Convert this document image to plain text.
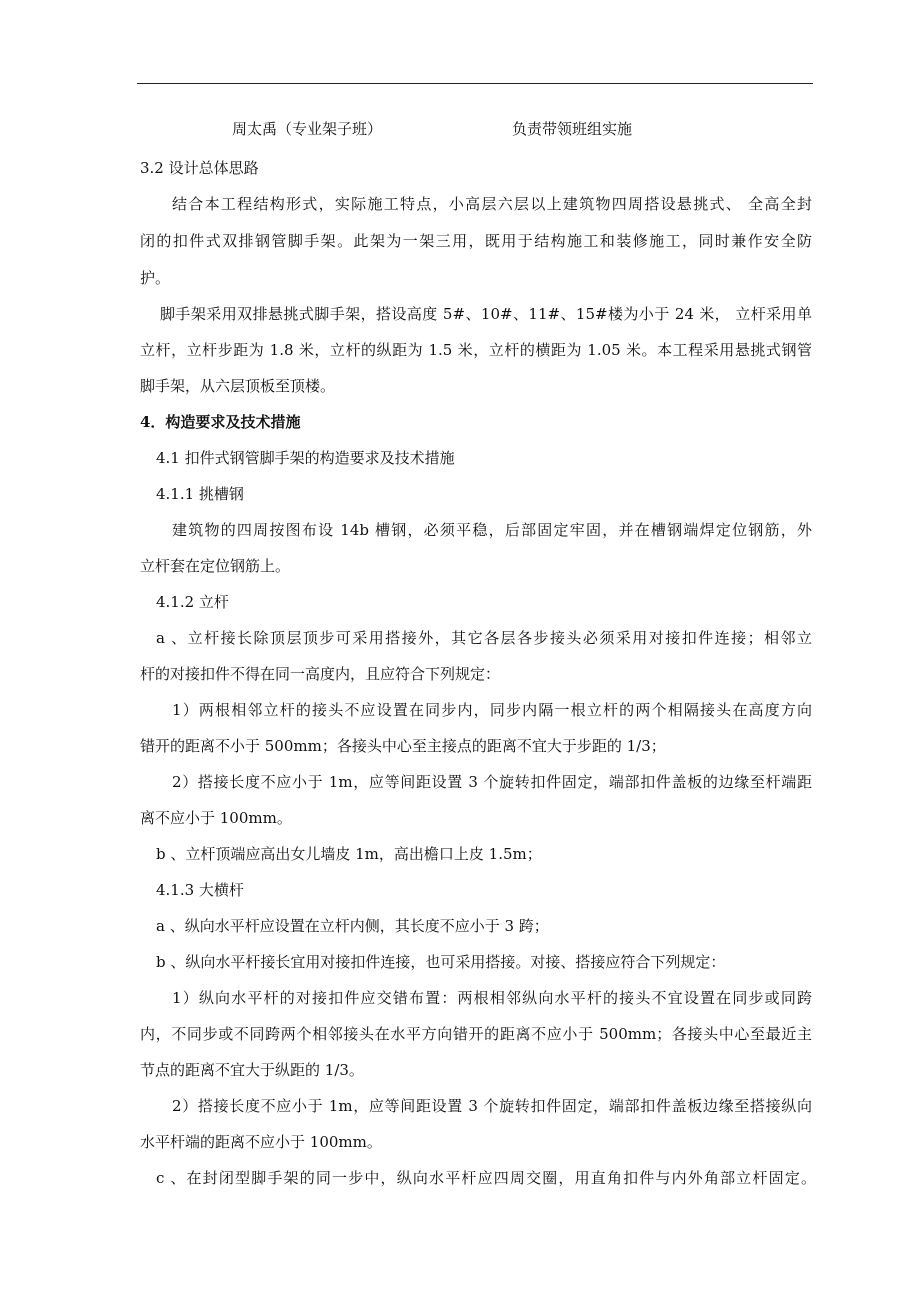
周太禹（专业架子班）	负责带领班组实施
3.2 设计总体思路
结合本工程结构形式，实际施工特点，小高层六层以上建筑物四周搭设悬挑式、 全高全封
闭的扣件式双排钢管脚手架。此架为一架三用，既用于结构施工和装修施工，同时兼作安全防
护。
脚手架采用双排悬挑式脚手架，搭设高度 5#、10#、11#、15#楼为小于 24 米， 立杆采用单
立杆，立杆步距为 1.8 米，立杆的纵距为 1.5 米，立杆的横距为 1.05 米。本工程采用悬挑式钢管
脚手架，从六层顶板至顶楼。
4．构造要求及技术措施
4.1 扣件式钢管脚手架的构造要求及技术措施
4.1.1 挑槽钢
建筑物的四周按图布设 14b 槽钢，必须平稳，后部固定牢固，并在槽钢端焊定位钢筋，外
立杆套在定位钢筋上。
4.1.2 立杆
a 、立杆接长除顶层顶步可采用搭接外，其它各层各步接头必须采用对接扣件连接；相邻立
杆的对接扣件不得在同一高度内，且应符合下列规定：
1）两根相邻立杆的接头不应设置在同步内，同步内隔一根立杆的两个相隔接头在高度方向
错开的距离不小于 500mm；各接头中心至主接点的距离不宜大于步距的 1/3；
2）搭接长度不应小于 1m，应等间距设置 3 个旋转扣件固定，端部扣件盖板的边缘至杆端距
离不应小于 100mm。
b 、立杆顶端应高出女儿墙皮 1m，高出檐口上皮 1.5m；
4.1.3 大横杆
a 、纵向水平杆应设置在立杆内侧，其长度不应小于 3 跨；
b 、纵向水平杆接长宜用对接扣件连接，也可采用搭接。对接、搭接应符合下列规定：
1）纵向水平杆的对接扣件应交错布置：两根相邻纵向水平杆的接头不宜设置在同步或同跨
内，不同步或不同跨两个相邻接头在水平方向错开的距离不应小于 500mm；各接头中心至最近主
节点的距离不宜大于纵距的 1/3。
2）搭接长度不应小于 1m，应等间距设置 3 个旋转扣件固定，端部扣件盖板边缘至搭接纵向
水平杆端的距离不应小于 100mm。
c 、在封闭型脚手架的同一步中，纵向水平杆应四周交圈，用直角扣件与内外角部立杆固定。
